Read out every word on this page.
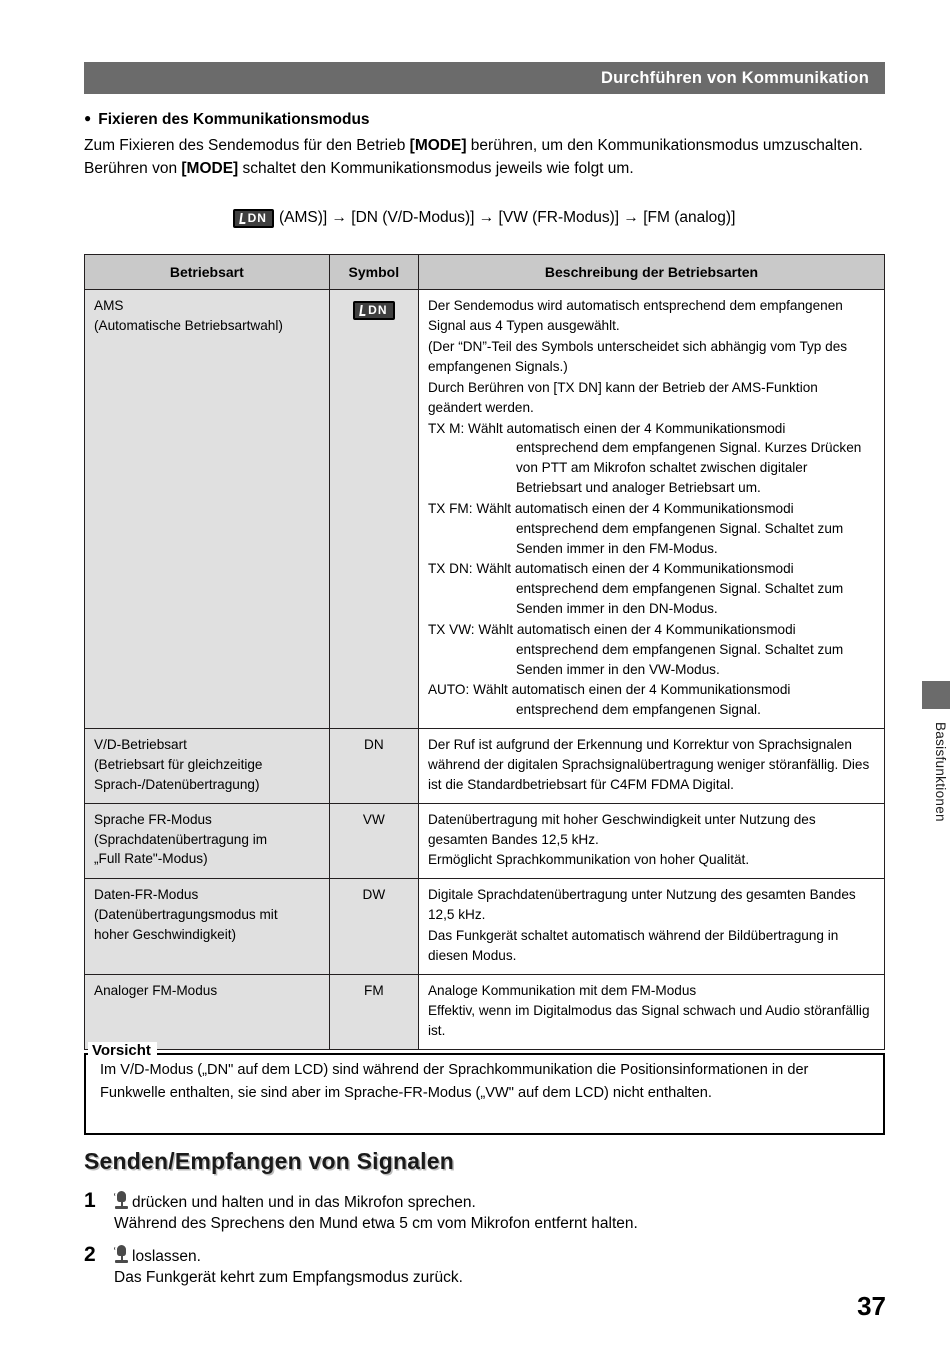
Durchführen von Kommunikation
● Fixieren des Kommunikationsmodus

Zum Fixieren des Sendemodus für den Betrieb [MODE] berühren, um den Kommunikationsmodus umzuschalten.

Berühren von [MODE] schaltet den Kommunikationsmodus jeweils wie folgt um.

DN (AMS)] → [DN (V/D-Modus)] → [VW (FR-Modus)] → [FM (analog)]
Betriebsart	Symbol	Beschreibung der Betriebsarten

AMS
(Automatische Betriebsartwahl)

DN	Der Sendemodus wird automatisch entsprechend dem empfangenen Signal aus 4 Typen ausgewählt.

(Der “DN”-Teil des Symbols unterscheidet sich abhängig vom Typ des empfangenen Signals.)

Durch Berühren von [TX DN] kann der Betrieb der AMS-Funktion geändert werden.

TX M: Wählt automatisch einen der 4 Kommunikationsmodi
entsprechend dem empfangenen Signal. Kurzes Drücken von PTT am Mikrofon schaltet zwischen digitaler Betriebsart und analoger Betriebsart um.

TX FM: Wählt automatisch einen der 4 Kommunikationsmodi
entsprechend dem empfangenen Signal. Schaltet zum Senden immer in den FM-Modus.

TX DN: Wählt automatisch einen der 4 Kommunikationsmodi
entsprechend dem empfangenen Signal. Schaltet zum Senden immer in den DN-Modus.

TX VW: Wählt automatisch einen der 4 Kommunikationsmodi
entsprechend dem empfangenen Signal. Schaltet zum Senden immer in den VW-Modus.

AUTO: Wählt automatisch einen der 4 Kommunikationsmodi
entsprechend dem empfangenen Signal.

V/D-Betriebsart
(Betriebsart für gleichzeitige
Sprach-/Datenübertragung)	DN	Der Ruf ist aufgrund der Erkennung und Korrektur von Sprachsignalen während der digitalen Sprachsignalübertragung weniger störanfällig. Dies ist die Standardbetriebsart für C4FM FDMA Digital.

Sprache FR-Modus
(Sprachdatenübertragung im
„Full Rate"-Modus)
	VW	Datenübertragung mit hoher Geschwindigkeit unter Nutzung des gesamten Bandes 12,5 kHz.

Ermöglicht Sprachkommunikation von hoher Qualität.

Daten-FR-Modus
(Datenübertragungsmodus mit
hoher Geschwindigkeit)
	DW	Digitale Sprachdatenübertragung unter Nutzung des gesamten Bandes 12,5 kHz.

Das Funkgerät schaltet automatisch während der Bildübertragung in diesen Modus.

Analoger FM-Modus	FM	Analoge Kommunikation mit dem FM-Modus

Effektiv, wenn im Digitalmodus das Signal schwach und Audio störanfällig ist.

Vorsicht
Im V/D-Modus („DN" auf dem LCD) sind während der Sprachkommunikation die Positionsinformationen in der Funkwelle enthalten, sie sind aber im Sprache-FR-Modus („VW" auf dem LCD) nicht enthalten.
Senden/Empfangen von Signalen
1	drücken und halten und in das Mikrofon sprechen.
Während des Sprechens den Mund etwa 5 cm vom Mikrofon entfernt halten.
2	loslassen.
Das Funkgerät kehrt zum Empfangsmodus zurück.
Basisfunktionen
37
